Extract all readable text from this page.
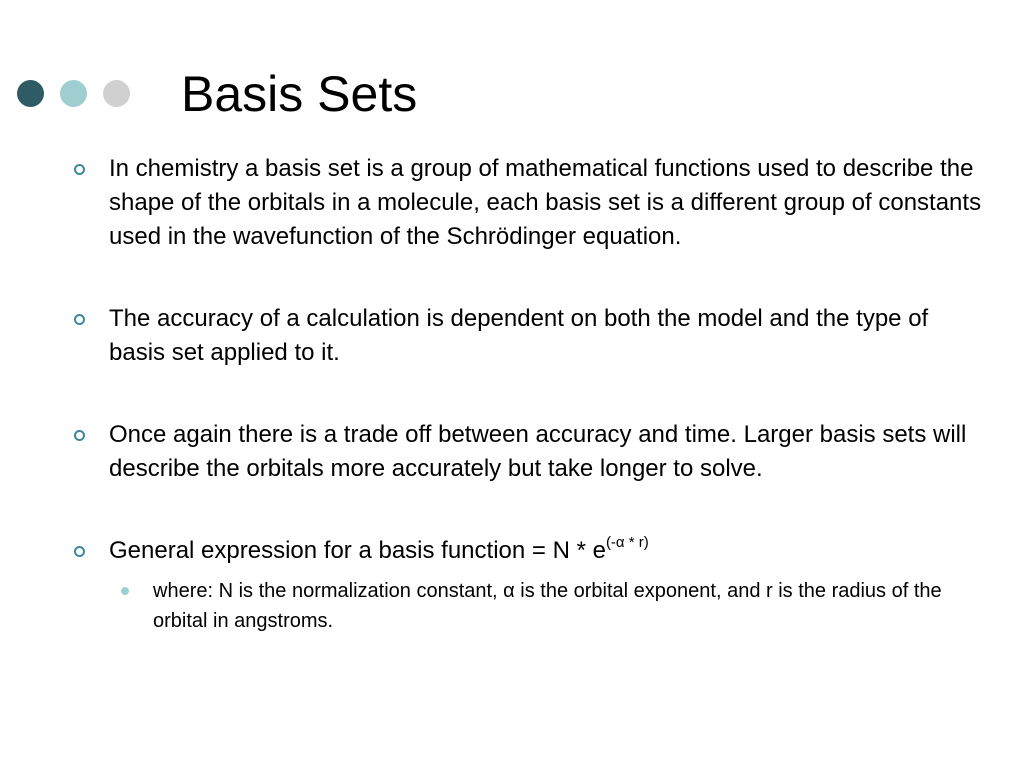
Basis Sets
In chemistry a basis set is a group of mathematical functions used to describe the shape of the orbitals in a molecule, each basis set is a different group of constants used in the wavefunction of the Schrödinger equation.
The accuracy of a calculation is dependent on both the model and the type of basis set applied to it.
Once again there is a trade off between accuracy and time. Larger basis sets will describe the orbitals more accurately but take longer to solve.
General expression for a basis function = N * $e^{(-\alpha * r)}$
where: N is the normalization constant, α is the orbital exponent, and r is the radius of the orbital in angstroms.
